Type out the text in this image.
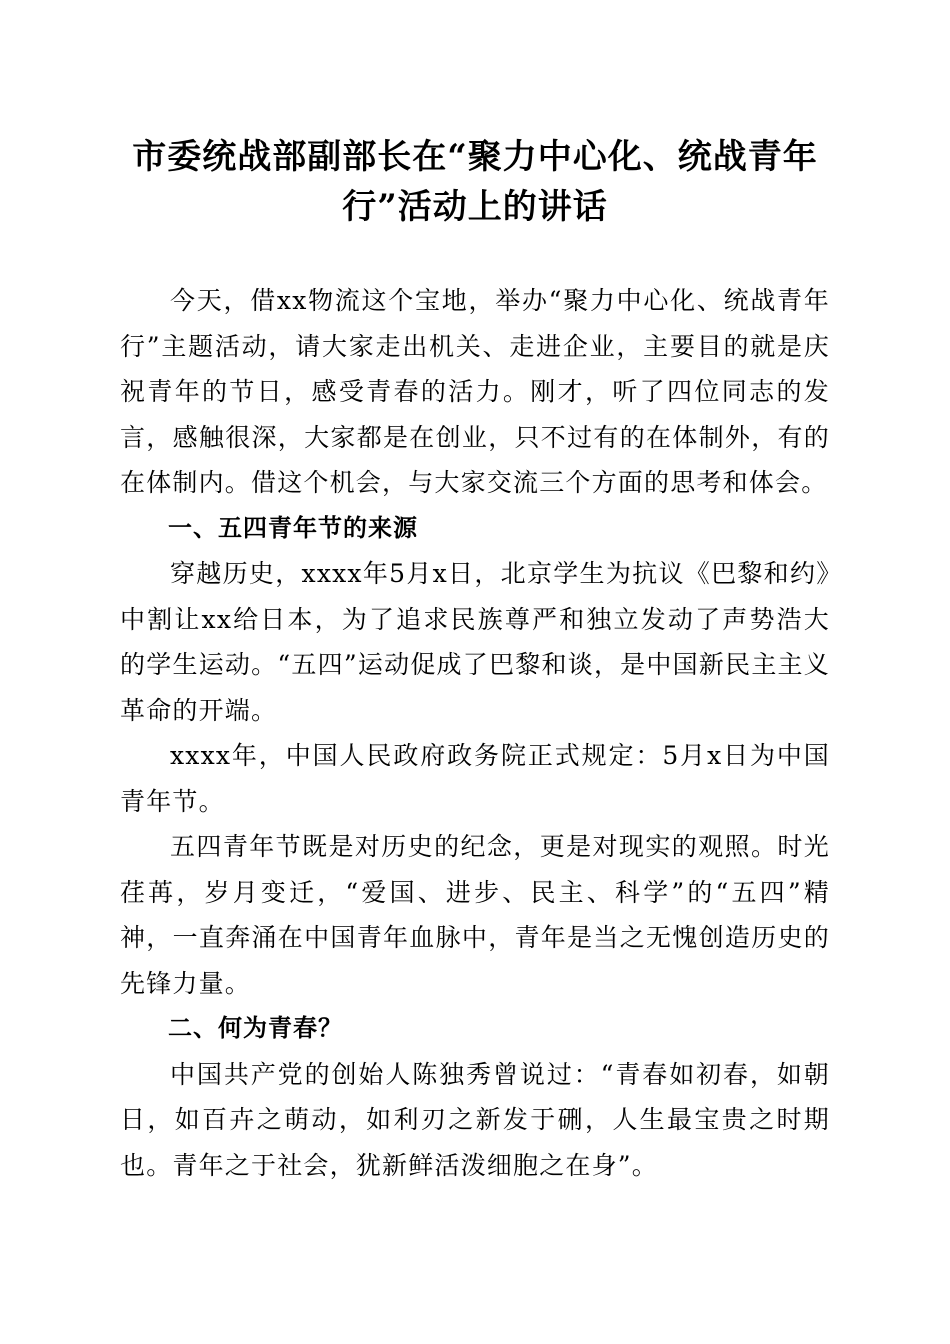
市委统战部副部长在“聚力中心化、统战青年
行”活动上的讲话

今天，借xx物流这个宝地，举办“聚力中心化、统战青年行”主题活动，请大家走出机关、走进企业，主要目的就是庆祝青年的节日，感受青春的活力。刚才，听了四位同志的发言，感触很深，大家都是在创业，只不过有的在体制外，有的在体制内。借这个机会，与大家交流三个方面的思考和体会。

一、五四青年节的来源

穿越历史，xxxx年5月x日，北京学生为抗议《巴黎和约》中割让xx给日本，为了追求民族尊严和独立发动了声势浩大的学生运动。“五四”运动促成了巴黎和谈，是中国新民主主义革命的开端。

xxxx年，中国人民政府政务院正式规定：5月x日为中国青年节。

五四青年节既是对历史的纪念，更是对现实的观照。时光荏苒，岁月变迁，“爱国、进步、民主、科学”的“五四”精神，一直奔涌在中国青年血脉中，青年是当之无愧创造历史的先锋力量。

二、何为青春？

中国共产党的创始人陈独秀曾说过：“青春如初春，如朝日，如百卉之萌动，如利刃之新发于硎，人生最宝贵之时期也。青年之于社会，犹新鲜活泼细胞之在身”。
